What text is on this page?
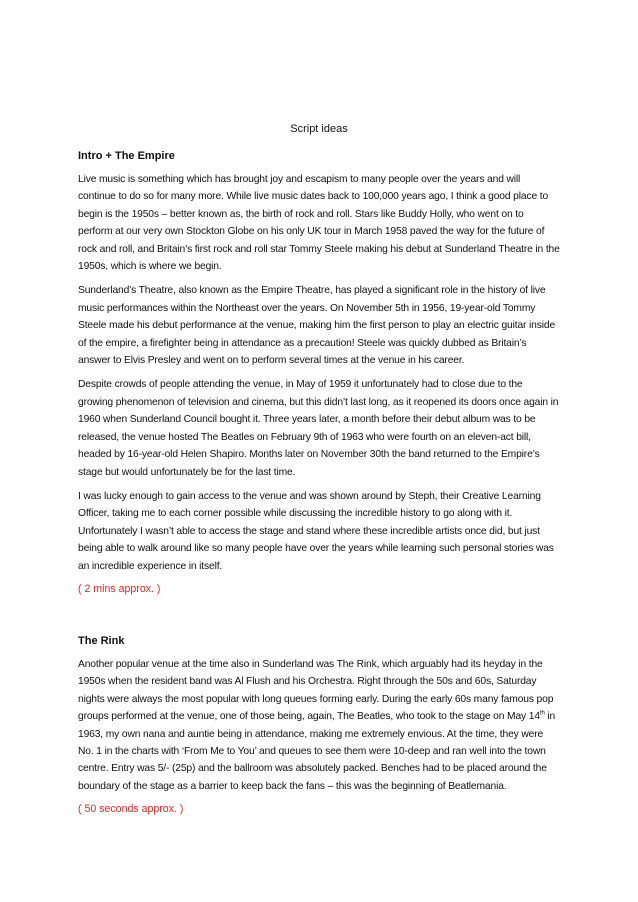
Script ideas
Intro + The Empire

Live music is something which has brought joy and escapism to many people over the years and will continue to do so for many more. While live music dates back to 100,000 years ago, I think a good place to begin is the 1950s – better known as, the birth of rock and roll. Stars like Buddy Holly, who went on to perform at our very own Stockton Globe on his only UK tour in March 1958 paved the way for the future of rock and roll, and Britain’s first rock and roll star Tommy Steele making his debut at Sunderland Theatre in the 1950s, which is where we begin.

Sunderland’s Theatre, also known as the Empire Theatre, has played a significant role in the history of live music performances within the Northeast over the years. On November 5th in 1956, 19-year-old Tommy Steele made his debut performance at the venue, making him the first person to play an electric guitar inside of the empire, a firefighter being in attendance as a precaution! Steele was quickly dubbed as Britain’s answer to Elvis Presley and went on to perform several times at the venue in his career.

Despite crowds of people attending the venue, in May of 1959 it unfortunately had to close due to the growing phenomenon of television and cinema, but this didn’t last long, as it reopened its doors once again in 1960 when Sunderland Council bought it. Three years later, a month before their debut album was to be released, the venue hosted The Beatles on February 9th of 1963 who were fourth on an eleven-act bill, headed by 16-year-old Helen Shapiro. Months later on November 30th the band returned to the Empire’s stage but would unfortunately be for the last time.

I was lucky enough to gain access to the venue and was shown around by Steph, their Creative Learning Officer, taking me to each corner possible while discussing the incredible history to go along with it. Unfortunately I wasn’t able to access the stage and stand where these incredible artists once did, but just being able to walk around like so many people have over the years while learning such personal stories was an incredible experience in itself.

( 2 mins approx. )
The Rink

Another popular venue at the time also in Sunderland was The Rink, which arguably had its heyday in the 1950s when the resident band was Al Flush and his Orchestra. Right through the 50s and 60s, Saturday nights were always the most popular with long queues forming early. During the early 60s many famous pop groups performed at the venue, one of those being, again, The Beatles, who took to the stage on May 14th in 1963, my own nana and auntie being in attendance, making me extremely envious. At the time, they were No. 1 in the charts with ‘From Me to You’ and queues to see them were 10-deep and ran well into the town centre. Entry was 5/- (25p) and the ballroom was absolutely packed. Benches had to be placed around the boundary of the stage as a barrier to keep back the fans – this was the beginning of Beatlemania.

( 50 seconds approx. )
